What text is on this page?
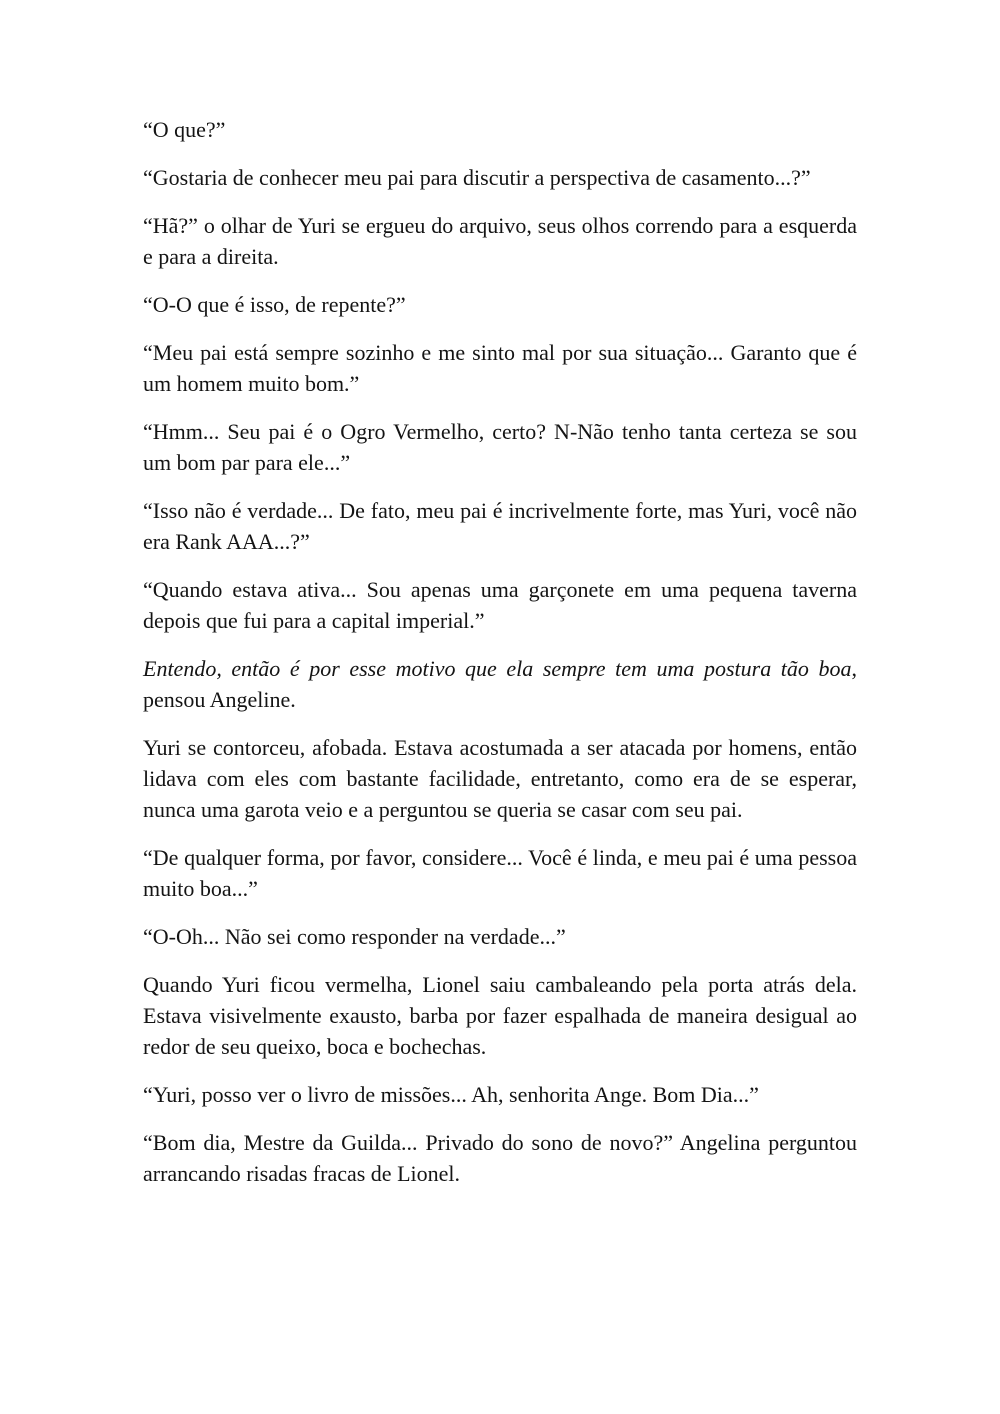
“O que?”

“Gostaria de conhecer meu pai para discutir a perspectiva de casamento...?”

“Hã?” o olhar de Yuri se ergueu do arquivo, seus olhos correndo para a esquerda e para a direita.

“O-O que é isso, de repente?”

“Meu pai está sempre sozinho e me sinto mal por sua situação... Garanto que é um homem muito bom.”

“Hmm... Seu pai é o Ogro Vermelho, certo? N-Não tenho tanta certeza se sou um bom par para ele...”

“Isso não é verdade... De fato, meu pai é incrivelmente forte, mas Yuri, você não era Rank AAA...?”

“Quando estava ativa... Sou apenas uma garçonete em uma pequena taverna depois que fui para a capital imperial.”

Entendo, então é por esse motivo que ela sempre tem uma postura tão boa, pensou Angeline.

Yuri se contorceu, afobada. Estava acostumada a ser atacada por homens, então lidava com eles com bastante facilidade, entretanto, como era de se esperar, nunca uma garota veio e a perguntou se queria se casar com seu pai.

“De qualquer forma, por favor, considere... Você é linda, e meu pai é uma pessoa muito boa...”

“O-Oh... Não sei como responder na verdade...”

Quando Yuri ficou vermelha, Lionel saiu cambaleando pela porta atrás dela. Estava visivelmente exausto, barba por fazer espalhada de maneira desigual ao redor de seu queixo, boca e bochechas.

“Yuri, posso ver o livro de missões... Ah, senhorita Ange. Bom Dia...”

“Bom dia, Mestre da Guilda... Privado do sono de novo?” Angelina perguntou arrancando risadas fracas de Lionel.
